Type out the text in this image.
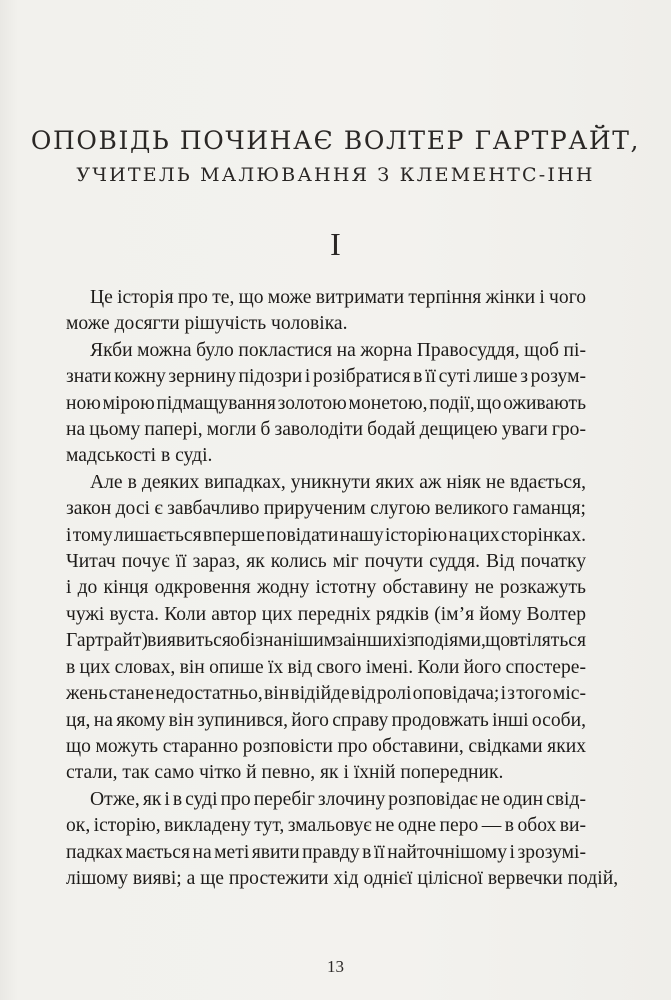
ОПОВІДЬ ПОЧИНАЄ ВОЛТЕР ГАРТРАЙТ,
УЧИТЕЛЬ МАЛЮВАННЯ З КЛЕМЕНТС-ІНН
I
Це історія про те, що може витримати терпіння жінки і чого
може досягти рішучість чоловіка.
Якби можна було покластися на жорна Правосуддя, щоб пі-
знати кожну зернину підозри і розібратися в її суті лише з розум-
ною мірою підмащування золотою монетою, події, що оживають
на цьому папері, могли б заволодіти бодай дещицею уваги гро-
мадськості в суді.
Але в деяких випадках, уникнути яких аж ніяк не вдається,
закон досі є завбачливо прирученим слугою великого гаманця;
і тому лишається вперше повідати нашу історію на цих сторінках.
Читач почує її зараз, як колись міг почути суддя. Від початку
і до кінця одкровення жодну істотну обставину не розкажуть
чужі вуста. Коли автор цих передніх рядків (ім’я йому Волтер
Гартрайт) виявиться обізнанішим за інших із подіями, що втіляться
в цих словах, він опише їх від свого імені. Коли його спостере-
жень стане недостатньо, він відійде від ролі оповідача; і з того міс-
ця, на якому він зупинився, його справу продовжать інші особи,
що можуть старанно розповісти про обставини, свідками яких
стали, так само чітко й певно, як і їхній попередник.
Отже, як і в суді про перебіг злочину розповідає не один свід-
ок, історію, викладену тут, змальовує не одне перо — в обох ви-
падках мається на меті явити правду в її найточнішому і зрозумі-
лішому виявi; а ще простежити хід однієї цілісної вервечки подій,
13
